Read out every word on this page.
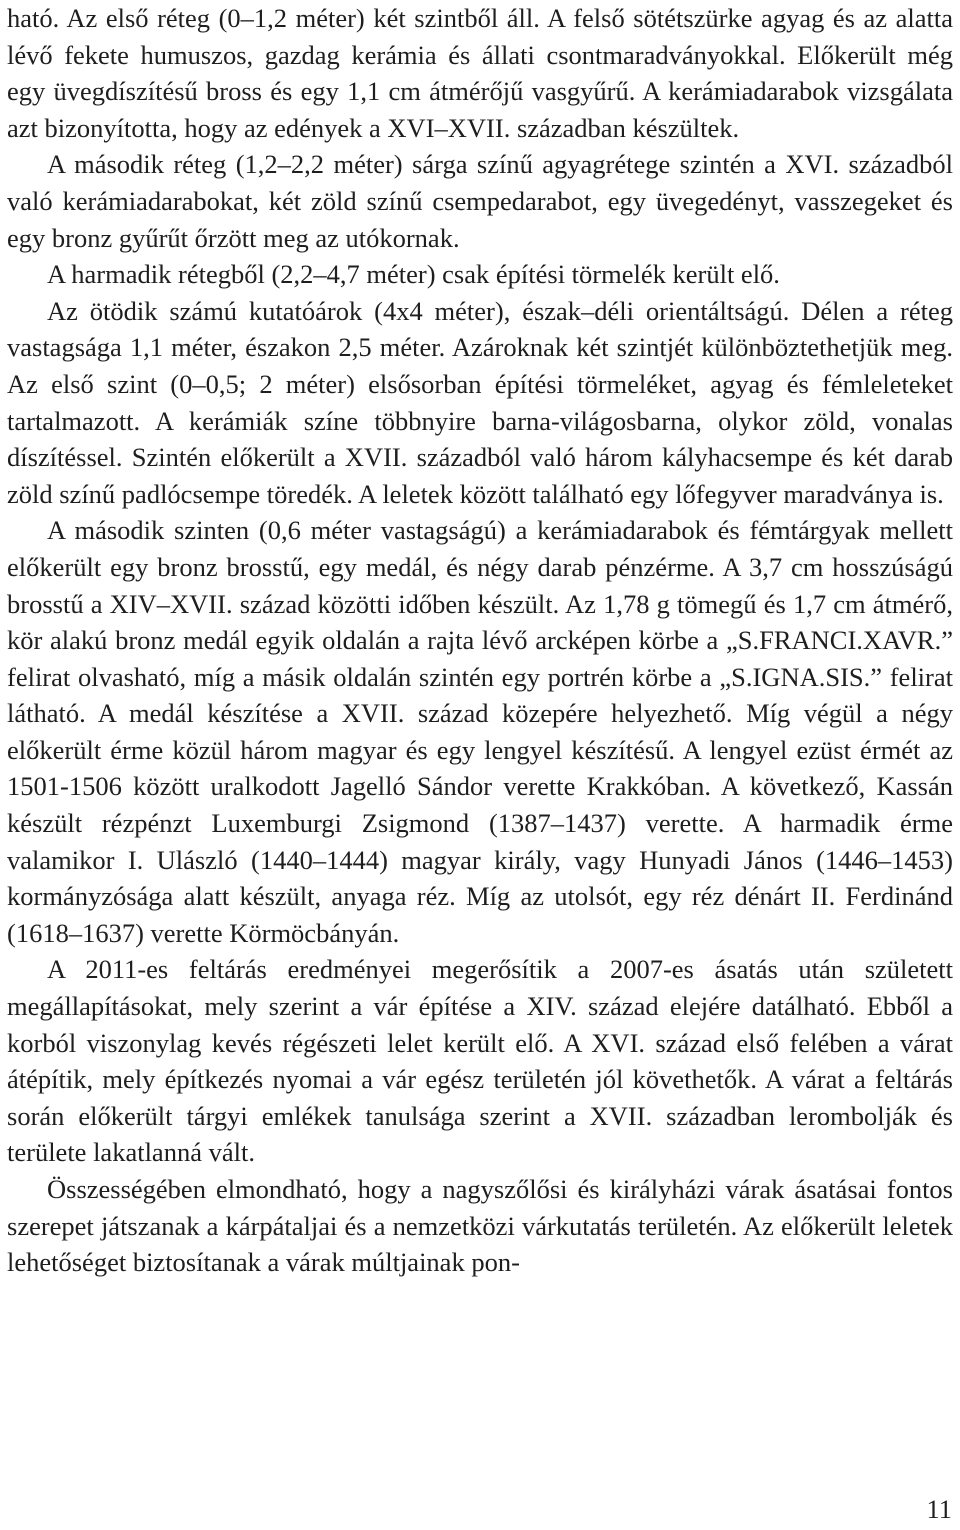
ható. Az első réteg (0–1,2 méter) két szintből áll. A felső sötétszürke agyag és az alatta lévő fekete humuszos, gazdag kerámia és állati csontmaradványokkal. Előkerült még egy üvegdíszítésű bross és egy 1,1 cm átmérőjű vasgyűrű. A kerámiadarabok vizsgálata azt bizonyította, hogy az edények a XVI–XVII. században készültek.

A második réteg (1,2–2,2 méter) sárga színű agyagrétege szintén a XVI. századból való kerámiadarabokat, két zöld színű csempedarabot, egy üvegedényt, vasszegeket és egy bronz gyűrűt őrzött meg az utókornak.

A harmadik rétegből (2,2–4,7 méter) csak építési törmelék került elő.

Az ötödik számú kutatóárok (4x4 méter), észak–déli orientáltságú. Délen a réteg vastagsága 1,1 méter, északon 2,5 méter. Azároknak két szintjét különböztethetjük meg. Az első szint (0–0,5; 2 méter) elsősorban építési törmeléket, agyag és fémleleteket tartalmazott. A kerámiák színe többnyire barna-világosbarna, olykor zöld, vonalas díszítéssel. Szintén előkerült a XVII. századból való három kályhacsempe és két darab zöld színű padlócsempe töredék. A leletek között található egy lőfegyver maradványa is.

A második szinten (0,6 méter vastagságú) a kerámiadarabok és fémtárgyak mellett előkerült egy bronz brosstű, egy medál, és négy darab pénzérme. A 3,7 cm hosszúságú brosstű a XIV–XVII. század közötti időben készült. Az 1,78 g tömegű és 1,7 cm átmérő, kör alakú bronz medál egyik oldalán a rajta lévő arcképen körbe a „S.FRANCI.XAVR.” felirat olvasható, míg a másik oldalán szintén egy portrén körbe a „S.IGNA.SIS.” felirat látható. A medál készítése a XVII. század közepére helyezhető. Míg végül a négy előkerült érme közül három magyar és egy lengyel készítésű. A lengyel ezüst érmét az 1501-1506 között uralkodott Jagelló Sándor verette Krakkóban. A következő, Kassán készült rézpénzt Luxemburgi Zsigmond (1387–1437) verette. A harmadik érme valamikor I. Ulászló (1440–1444) magyar király, vagy Hunyadi János (1446–1453) kormányzósága alatt készült, anyaga réz. Míg az utolsót, egy réz dénárt II. Ferdinánd (1618–1637) verette Körmöcbányán.

A 2011-es feltárás eredményei megerősítik a 2007-es ásatás után született megállapításokat, mely szerint a vár építése a XIV. század elejére datálható. Ebből a korból viszonylag kevés régészeti lelet került elő. A XVI. század első felében a várat átépítik, mely építkezés nyomai a vár egész területén jól követhetők. A várat a feltárás során előkerült tárgyi emlékek tanulsága szerint a XVII. században lerombolják és területe lakatlanná vált.

Összességében elmondható, hogy a nagyszőlősi és királyházi várak ásatásai fontos szerepet játszanak a kárpátaljai és a nemzetközi várkutatás területén. Az előkerült leletek lehetőséget biztosítanak a várak múltjainak pon-

11
